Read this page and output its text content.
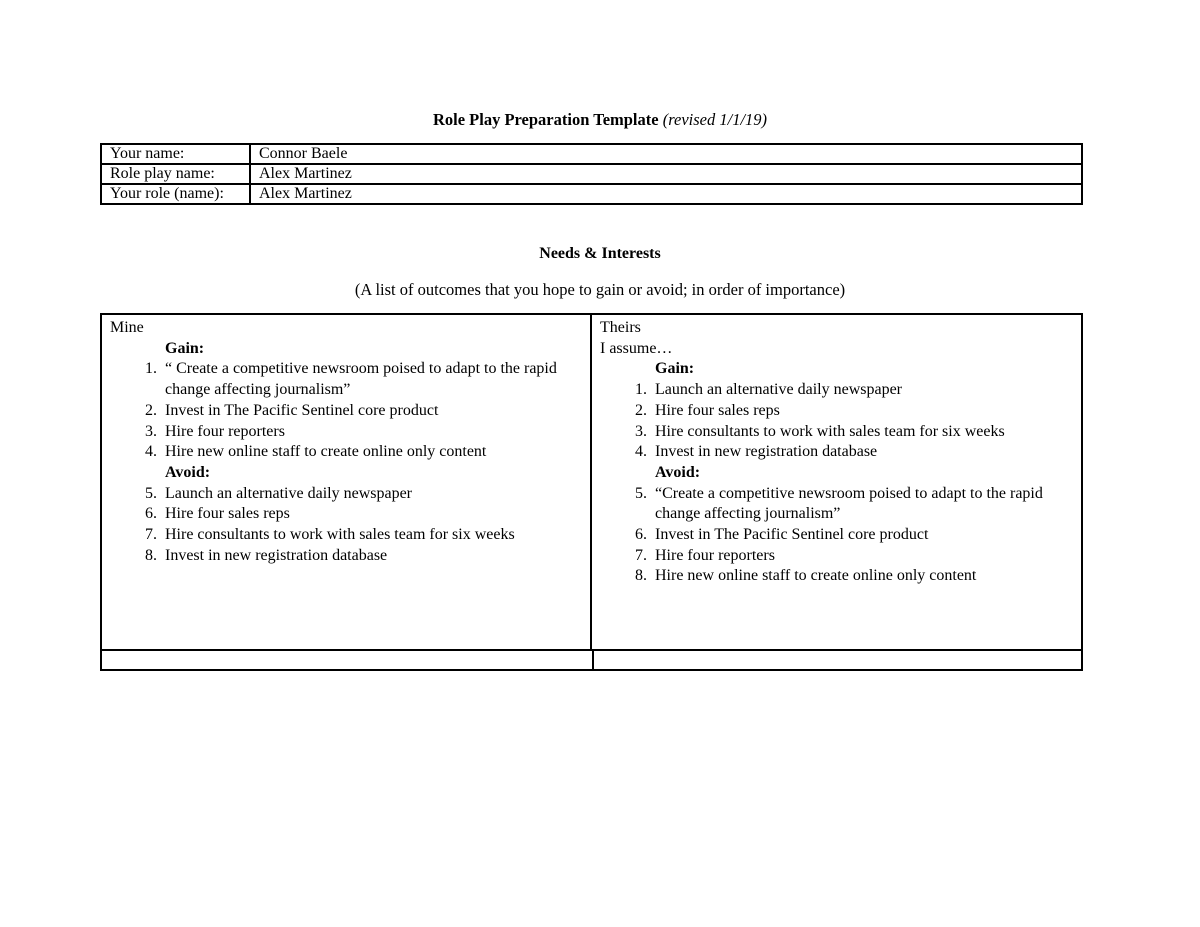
Role Play Preparation Template (revised 1/1/19)
Your name:	Connor Baele
Role play name:	Alex Martinez
Your role (name):	Alex Martinez
Needs & Interests
(A list of outcomes that you hope to gain or avoid; in order of importance)
Mine
Gain:
1. “ Create a competitive newsroom poised to adapt to the rapid change affecting journalism”
2. Invest in The Pacific Sentinel core product
3. Hire four reporters
4. Hire new online staff to create online only content
Avoid:
5. Launch an alternative daily newspaper
6. Hire four sales reps
7. Hire consultants to work with sales team for six weeks
8. Invest in new registration database
Theirs
I assume…
Gain:
1. Launch an alternative daily newspaper
2. Hire four sales reps
3. Hire consultants to work with sales team for six weeks
4. Invest in new registration database
Avoid:
5. “Create a competitive newsroom poised to adapt to the rapid change affecting journalism”
6. Invest in The Pacific Sentinel core product
7. Hire four reporters
8. Hire new online staff to create online only content
